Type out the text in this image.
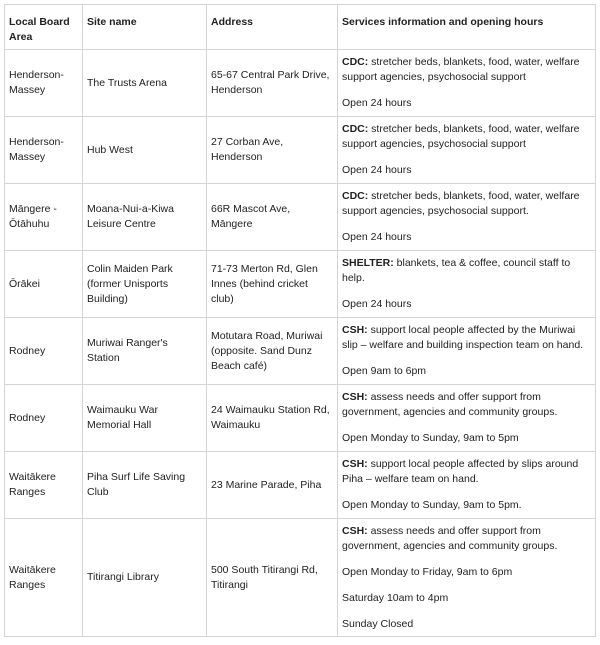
Local Board Area	Site name	Address	Services information and opening hours
Henderson-Massey	The Trusts Arena	65-67 Central Park Drive, Henderson	CDC: stretcher beds, blankets, food, water, welfare support agencies, psychosocial support

Open 24 hours

Henderson-Massey	Hub West	27 Corban Ave, Henderson	CDC: stretcher beds, blankets, food, water, welfare support agencies, psychosocial support

Open 24 hours

Māngere - Ōtāhuhu	Moana-Nui-a-Kiwa Leisure Centre	66R Mascot Ave, Māngere	CDC: stretcher beds, blankets, food, water, welfare support agencies, psychosocial support.

Open 24 hours

Ōrākei	Colin Maiden Park (former Unisports Building)	71-73 Merton Rd, Glen Innes (behind cricket club)	SHELTER: blankets, tea & coffee, council staff to help.

Open 24 hours

Rodney	Muriwai Ranger's Station	Motutara Road, Muriwai (opposite. Sand Dunz Beach café)	CSH: support local people affected by the Muriwai slip – welfare and building inspection team on hand.

Open 9am to 6pm

Rodney	Waimauku War Memorial Hall	24 Waimauku Station Rd, Waimauku	CSH: assess needs and offer support from government, agencies and community groups.

Open Monday to Sunday, 9am to 5pm

Waitākere Ranges	Piha Surf Life Saving Club	23 Marine Parade, Piha	CSH: support local people affected by slips around Piha – welfare team on hand.

Open Monday to Sunday, 9am to 5pm.

Waitākere Ranges	Titirangi Library	500 South Titirangi Rd, Titirangi	CSH: assess needs and offer support from government, agencies and community groups.

Open Monday to Friday, 9am to 6pm

Saturday 10am to 4pm

Sunday Closed
